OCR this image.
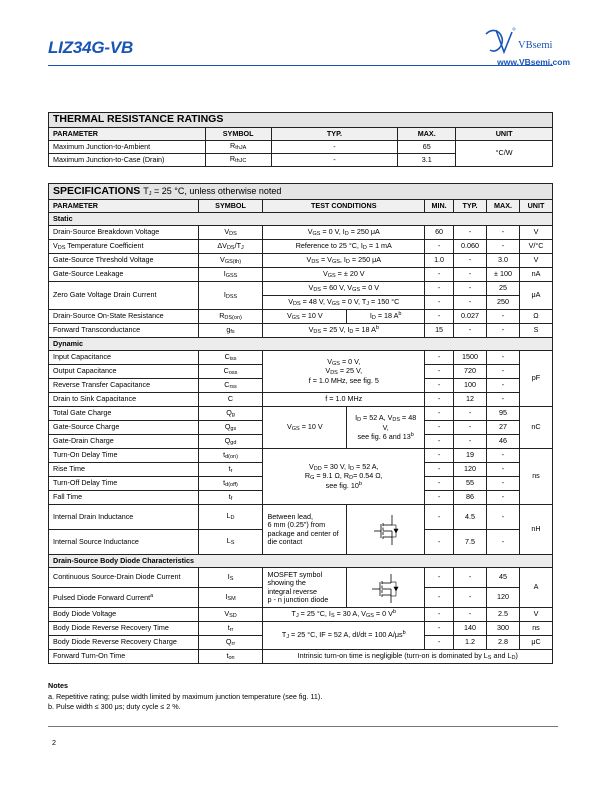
LIZ34G-VB	VBsemi
www.VBsemi.com
THERMAL RESISTANCE RATINGS				
PARAMETER	SYMBOL	TYP.	MAX.	UNIT
Maximum Junction-to-Ambient	$R_{thJA}$	-	65	°C/W
Maximum Junction-to-Case (Drain)	$R_{thJC}$	-	3.1	
SPECIFICATIONS $T_J = 25$ °C, unless otherwise noted							
PARAMETER	SYMBOL	TEST CONDITIONS		MIN.	TYP.	MAX.	UNIT
Static							
Drain-Source Breakdown Voltage	$V_{DS}$	$V_{GS} = 0$ V, $I_D = 250$ μA		60	-	-	V
$V_{DS}$ Temperature Coefficient	$\Delta V_{DS}/T_J$	Reference to 25 °C, $I_D = 1$ mA		-	0.060	-	V/°C
Gate-Source Threshold Voltage	$V_{GS(th)}$	$V_{DS} = V_{GS}$, $I_D = 250$ μA		1.0	-	3.0	V
Gate-Source Leakage	$I_{GSS}$	$V_{GS}$ = ± 20 V		-	-	± 100	nA
Zero Gate Voltage Drain Current	$I_{DSS}$	$V_{DS} = 60$ V, $V_{GS} = 0$ V		-	-	25	μA
		$V_{DS} = 48$ V, $V_{GS} = 0$ V, $T_J = 150$ °C		-	-	250	
Drain-Source On-State Resistance	$R_{DS(on)}$	$V_{GS} = 10$ V	$I_D = 18$ $A^b$	-	0.027	-	Ω
Forward Transconductance	$g_{fs}$	$V_{DS} = 25$ V, $I_D = 18$ $A^b$		15	-	-	S
Dynamic							
Input Capacitance	$C_{iss}$	$V_{GS} = 0$ V,
$V_{DS} = 25$ V,
f = 1.0 MHz, see fig. 5		-	1500	-	pF
Output Capacitance	$C_{oss}$			-	720	-	
Reverse Transfer Capacitance	$C_{rss}$			-	100	-	
Drain to Sink Capacitance	C	f = 1.0 MHz		-	12	-	
Total Gate Charge	$Q_g$	$V_{GS} = 10$ V	$I_D = 52$ A, $V_{DS} = 48$ V,
see fig. 6 and 13$^b$	-	-	95	nC
Gate-Source Charge	$Q_{gs}$			-	-	27	
Gate-Drain Charge	$Q_{gd}$			-	-	46	
Turn-On Delay Time	$t_{d(on)}$	$V_{DD} = 30$ V, $I_D = 52$ A,
$R_G = 9.1$ Ω, $R_D= 0.54$ Ω,
see fig. 10$^b$		-	19	-	ns
Rise Time	$t_r$			-	120	-	
Turn-Off Delay Time	$t_{d(off)}$			-	55	-	
Fall Time	$t_f$			-	86	-	
Internal Drain Inductance	$L_D$	Between lead,
6 mm (0.25") from
package and center of
die contact		-	4.5	-	nH
Internal Source Inductance	$L_S$			-	7.5	-	
Drain-Source Body Diode Characteristics							
Continuous Source-Drain Diode Current	$I_S$	MOSFET symbol
showing the
integral reverse
p - n junction diode		-	-	45	A
Pulsed Diode Forward Current$^a$	$I_{SM}$			-	-	120	
Body Diode Voltage	$V_{SD}$	$T_J = 25$ °C, $I_S = 30$ A, $V_{GS} = 0$ $V^b$		-	-	2.5	V
Body Diode Reverse Recovery Time	$t_{rr}$	$T_J = 25$ °C, IF = 52 A, dI/dt = 100 $A/\mu s^b$		-	140	300	ns
Body Diode Reverse Recovery Charge	$Q_{rr}$			-	1.2	2.8	μC
Forward Turn-On Time	$t_{on}$	Intrinsic turn-on time is negligible (turn-on is dominated by $L_S$ and $L_D$)					
Notes
a. Repetitive rating; pulse width limited by maximum junction temperature (see fig. 11).
b. Pulse width ≤ 300 μs; duty cycle ≤ 2 %.
2
